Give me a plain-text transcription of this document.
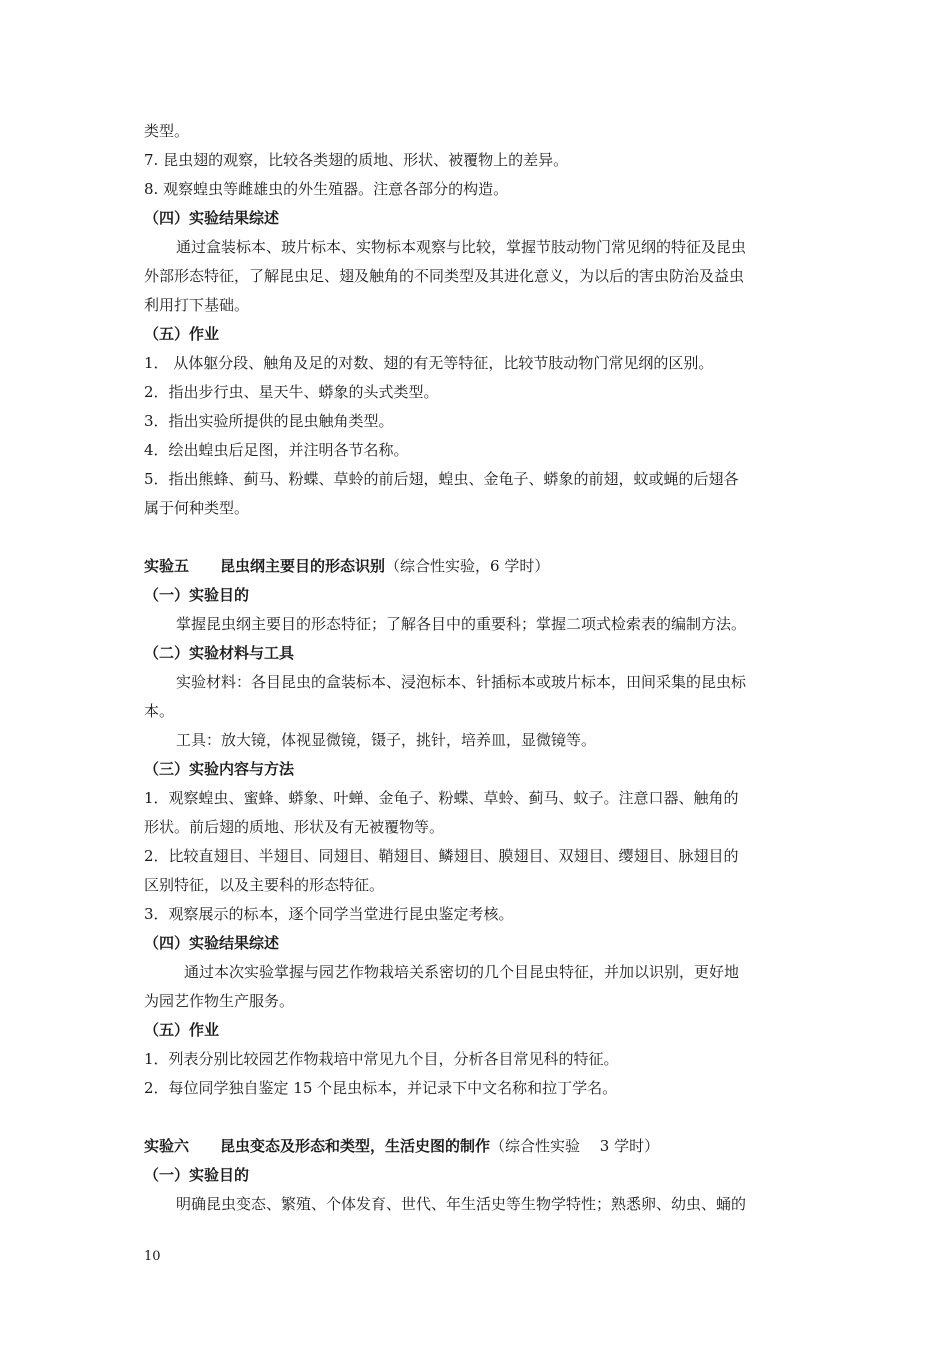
类型。
7. 昆虫翅的观察，比较各类翅的质地、形状、被覆物上的差异。
8. 观察蝗虫等雌雄虫的外生殖器。注意各部分的构造。
（四）实验结果综述
通过盒装标本、玻片标本、实物标本观察与比较，掌握节肢动物门常见纲的特征及昆虫
外部形态特征，了解昆虫足、翅及触角的不同类型及其进化意义，为以后的害虫防治及益虫
利用打下基础。
（五）作业
1． 从体躯分段、触角及足的对数、翅的有无等特征，比较节肢动物门常见纲的区别。
2．指出步行虫、星天牛、蟒象的头式类型。
3．指出实验所提供的昆虫触角类型。
4．绘出蝗虫后足图，并注明各节名称。
5．指出熊蜂、蓟马、粉蝶、草蛉的前后翅，蝗虫、金龟子、蟒象的前翅，蚊或蝇的后翅各
属于何种类型。
实验五 昆虫纲主要目的形态识别（综合性实验，6 学时）
（一）实验目的
掌握昆虫纲主要目的形态特征；了解各目中的重要科；掌握二项式检索表的编制方法。
（二）实验材料与工具
实验材料：各目昆虫的盒装标本、浸泡标本、针插标本或玻片标本，田间采集的昆虫标
本。
工具：放大镜，体视显微镜，镊子，挑针，培养皿，显微镜等。
（三）实验内容与方法
1．观察蝗虫、蜜蜂、蟒象、叶蝉、金龟子、粉蝶、草蛉、蓟马、蚊子。注意口器、触角的
形状。前后翅的质地、形状及有无被覆物等。
2．比较直翅目、半翅目、同翅目、鞘翅目、鳞翅目、膜翅目、双翅目、缨翅目、脉翅目的
区别特征，以及主要科的形态特征。
3．观察展示的标本，逐个同学当堂进行昆虫鉴定考核。
（四）实验结果综述
通过本次实验掌握与园艺作物栽培关系密切的几个目昆虫特征，并加以识别，更好地
为园艺作物生产服务。
（五）作业
1．列表分别比较园艺作物栽培中常见九个目，分析各目常见科的特征。
2．每位同学独自鉴定 15 个昆虫标本，并记录下中文名称和拉丁学名。
实验六 昆虫变态及形态和类型，生活史图的制作（综合性实验　 3 学时）
（一）实验目的
明确昆虫变态、繁殖、个体发育、世代、年生活史等生物学特性；熟悉卵、幼虫、蛹的
10
